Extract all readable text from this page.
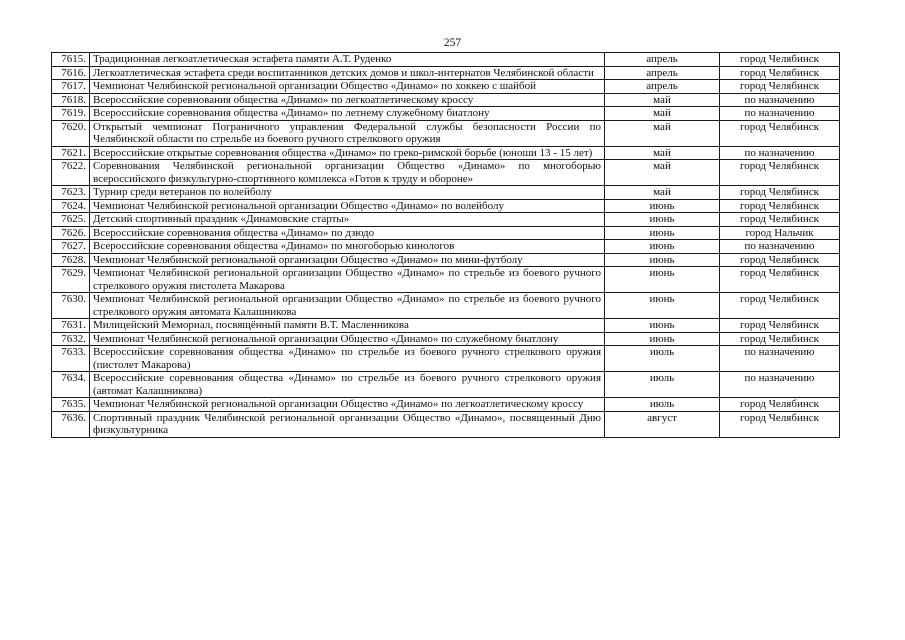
257
7615.	Традиционная легкоатлетическая эстафета памяти А.Т. Руденко	апрель	город Челябинск
7616.	Легкоатлетическая эстафета среди воспитанников детских домов и школ-интернатов Челябинской области	апрель	город Челябинск
7617.	Чемпионат Челябинской региональной организации Общество «Динамо» по хоккею с шайбой	апрель	город Челябинск
7618.	Всероссийские соревнования общества «Динамо» по легкоатлетическому кроссу	май	по назначению
7619.	Всероссийские соревнования общества «Динамо» по летнему служебному биатлону	май	по назначению
7620.	Открытый чемпионат Пограничного управления Федеральной службы безопасности России по Челябинской области по стрельбе из боевого ручного стрелкового оружия	май	город Челябинск
7621.	Всероссийские открытые соревнования общества «Динамо» по греко-римской борьбе (юноши 13 - 15 лет)	май	по назначению
7622.	Соревнования Челябинской региональной организации Общество «Динамо» по многоборью всероссийского физкультурно-спортивного комплекса «Готов к труду и обороне»	май	город Челябинск
7623.	Турнир среди ветеранов по волейболу	май	город Челябинск
7624.	Чемпионат Челябинской региональной организации Общество «Динамо» по волейболу	июнь	город Челябинск
7625.	Детский спортивный праздник «Динамовские старты»	июнь	город Челябинск
7626.	Всероссийские соревнования общества «Динамо» по дзюдо	июнь	город Нальчик
7627.	Всероссийские соревнования общества «Динамо» по многоборью кинологов	июнь	по назначению
7628.	Чемпионат Челябинской региональной организации Общество «Динамо» по мини-футболу	июнь	город Челябинск
7629.	Чемпионат Челябинской региональной организации Общество «Динамо» по стрельбе из боевого ручного стрелкового оружия пистолета Макарова	июнь	город Челябинск
7630.	Чемпионат Челябинской региональной организации Общество «Динамо» по стрельбе из боевого ручного стрелкового оружия автомата Калашникова	июнь	город Челябинск
7631.	Милицейский Мемориал, посвящённый памяти В.Т. Масленникова	июнь	город Челябинск
7632.	Чемпионат Челябинской региональной организации Общество «Динамо» по служебному биатлону	июнь	город Челябинск
7633.	Всероссийские соревнования общества «Динамо» по стрельбе из боевого ручного стрелкового оружия (пистолет Макарова)	июль	по назначению
7634.	Всероссийские соревнования общества «Динамо» по стрельбе из боевого ручного стрелкового оружия (автомат Калашникова)	июль	по назначению
7635.	Чемпионат Челябинской региональной организации Общество «Динамо» по легкоатлетическому кроссу	июль	город Челябинск
7636.	Спортивный праздник Челябинской региональной организации Общество «Динамо», посвященный Дню физкультурника	август	город Челябинск
